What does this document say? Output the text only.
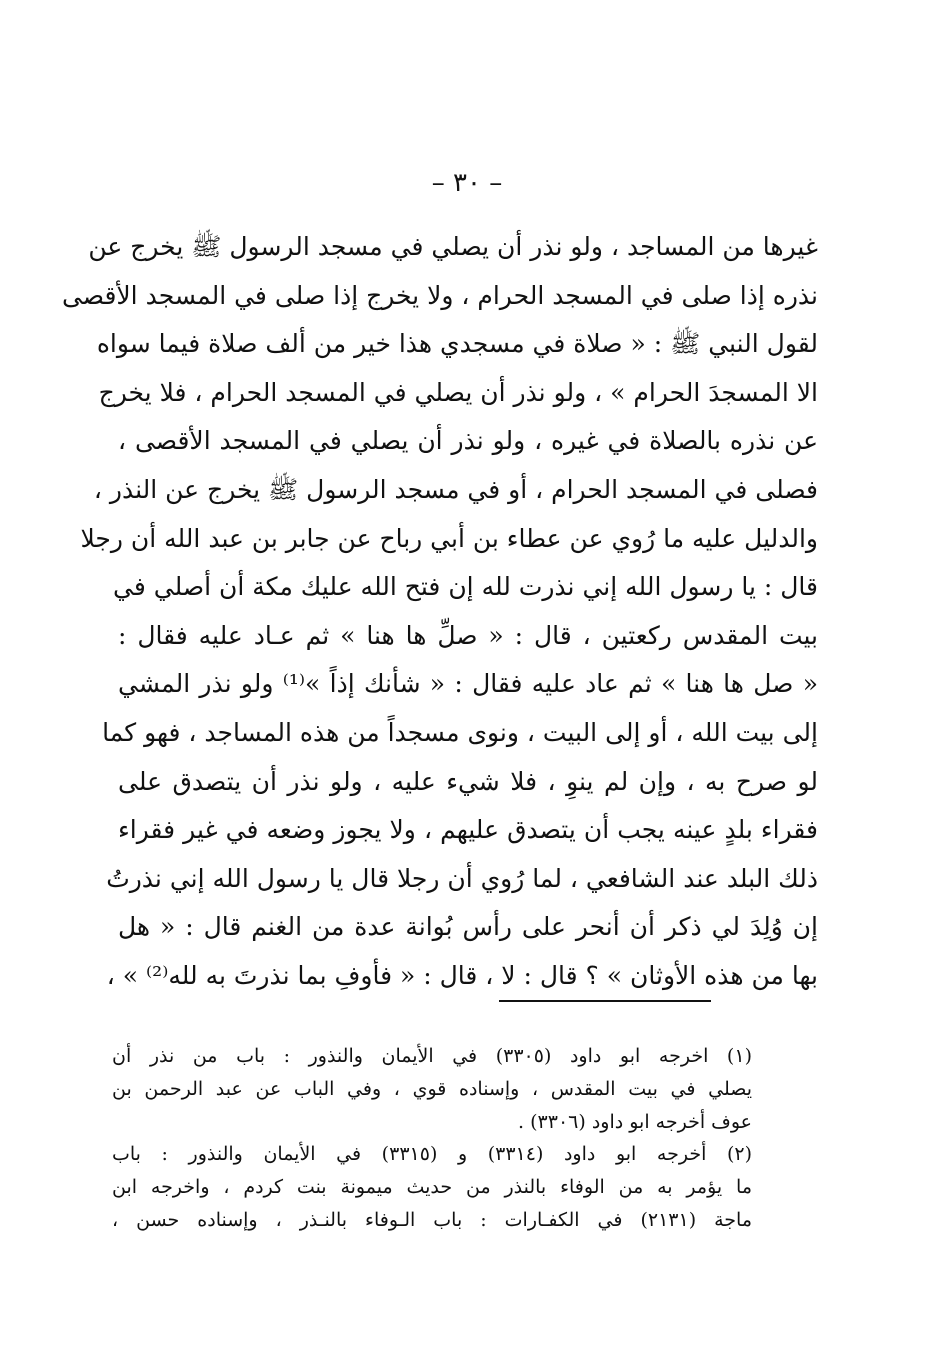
– ٣٠ –
غيرها من المساجد ، ولو نذر أن يصلي في مسجد الرسول ﷺ يخرج عن
نذره إذا صلى في المسجد الحرام ، ولا يخرج إذا صلى في المسجد الأقصى
لقول النبي ﷺ : « صلاة في مسجدي هذا خير من ألف صلاة فيما سواه
الا المسجدَ الحرام » ، ولو نذر أن يصلي في المسجد الحرام ، فلا يخرج
عن نذره بالصلاة في غيره ، ولو نذر أن يصلي في المسجد الأقصى ،
فصلى في المسجد الحرام ، أو في مسجد الرسول ﷺ يخرج عن النذر ،
والدليل عليه ما رُوي عن عطاء بن أبي رباح عن جابر بن عبد الله أن رجلا
قال : يا رسول الله إني نذرت لله إن فتح الله عليك مكة أن أصلي في
بيت المقدس ركعتين ، قال : « صلِّ ها هنا » ثم عـاد عليه فقال :
« صل ها هنا » ثم عاد عليه فقال : « شأنك إذاً »⁽¹⁾ ولو نذر المشي
إلى بيت الله ، أو إلى البيت ، ونوى مسجداً من هذه المساجد ، فهو كما
لو صرح به ، وإن لم ينوِ ، فلا شيء عليه ، ولو نذر أن يتصدق على
فقراء بلدٍ عينه يجب أن يتصدق عليهم ، ولا يجوز وضعه في غير فقراء
ذلك البلد عند الشافعي ، لما رُوي أن رجلا قال يا رسول الله إني نذرتُ
إن وُلِدَ لي ذكر أن أنحر على رأس بُوانة عدة من الغنم قال : « هل
بها من هذه الأوثان » ؟ قال : لا ، قال : « فأوفِ بما نذرتَ به لله⁽²⁾ » ،
(١) اخرجه ابو داود (٣٣٠٥) في الأيمان والنذور : باب من نذر أن
يصلي في بيت المقدس ، وإسناده قوي ، وفي الباب عن عبد الرحمن بن
عوف أخرجه ابو داود (٣٣٠٦) .
(٢) أخرجه ابو داود (٣٣١٤) و (٣٣١٥) في الأيمان والنذور : باب
ما يؤمر به من الوفاء بالنذر من حديث ميمونة بنت كردم ، واخرجه ابن
ماجة (٢١٣١) في الكفـارات : باب الـوفاء بالنـذر ، وإسناده حسن ،
